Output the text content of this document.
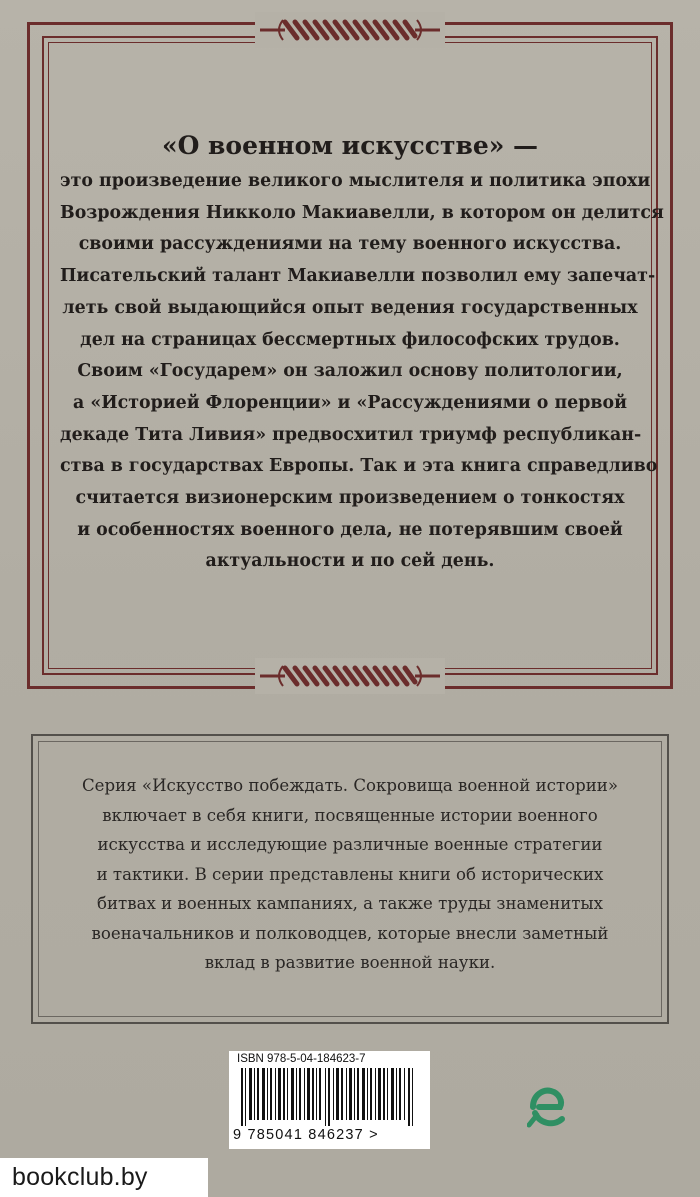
«О военном искусстве» —
это произведение великого мыслителя и политика эпохи
Возрождения Никколо Макиавелли, в котором он делится
своими рассуждениями на тему военного искусства.
Писательский талант Макиавелли позволил ему запечат-
леть свой выдающийся опыт ведения государственных
дел на страницах бессмертных философских трудов.
Своим «Государем» он заложил основу политологии,
а «Историей Флоренции» и «Рассуждениями о первой
декаде Тита Ливия» предвосхитил триумф республикан-
ства в государствах Европы. Так и эта книга справедливо
считается визионерским произведением о тонкостях
и особенностях военного дела, не потерявшим своей
актуальности и по сей день.
Серия «Искусство побеждать. Сокровища военной истории»
включает в себя книги, посвященные истории военного
искусства и исследующие различные военные стратегии
и тактики. В серии представлены книги об исторических
битвах и военных кампаниях, а также труды знаменитых
военачальников и полководцев, которые внесли заметный
вклад в развитие военной науки.
ISBN 978-5-04-184623-7
9 785041 846237 >
bookclub.by
